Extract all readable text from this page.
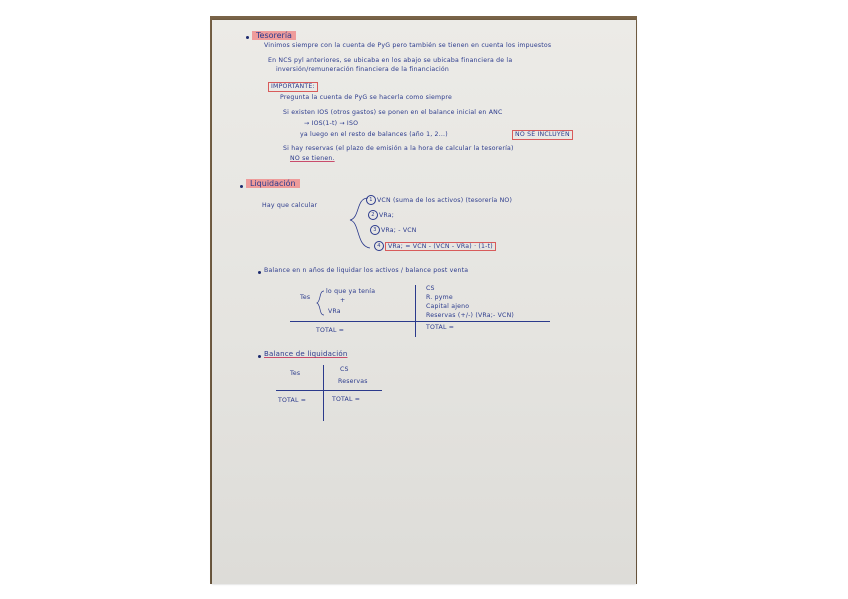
Tesorería
Vinimos siempre con la cuenta de PyG pero también se tienen en cuenta los impuestos
En NCS pyl anteriores, se ubicaba en los abajo se ubicaba financiera de la
inversión/remuneración financiera de la financiación
IMPORTANTE:
Pregunta la cuenta de PyG se hacerla como siempre
Si existen IOS (otros gastos) se ponen en el balance inicial en ANC
→ IOS(1-t) → ISO
ya luego en el resto de balances (año 1, 2...)	NO SE INCLUYEN
Si hay reservas (el plazo de emisión a la hora de calcular la tesorería)
NO se tienen.
Liquidación
Hay que calcular
1 VCN (suma de los activos) (tesorería NO)
2 VRa;
3 VRa; - VCN
4 VRa; = VCN - (VCN - VRa) · (1-t)
Balance en n años de liquidar los activos / balance post venta
Tes
lo que ya tenía
+
VRa
TOTAL =
CS
R. pyme
Capital ajeno
Reservas (+/-) (VRa;- VCN)
TOTAL =
Balance de liquidación
Tes
CS
Reservas
TOTAL =	TOTAL =
